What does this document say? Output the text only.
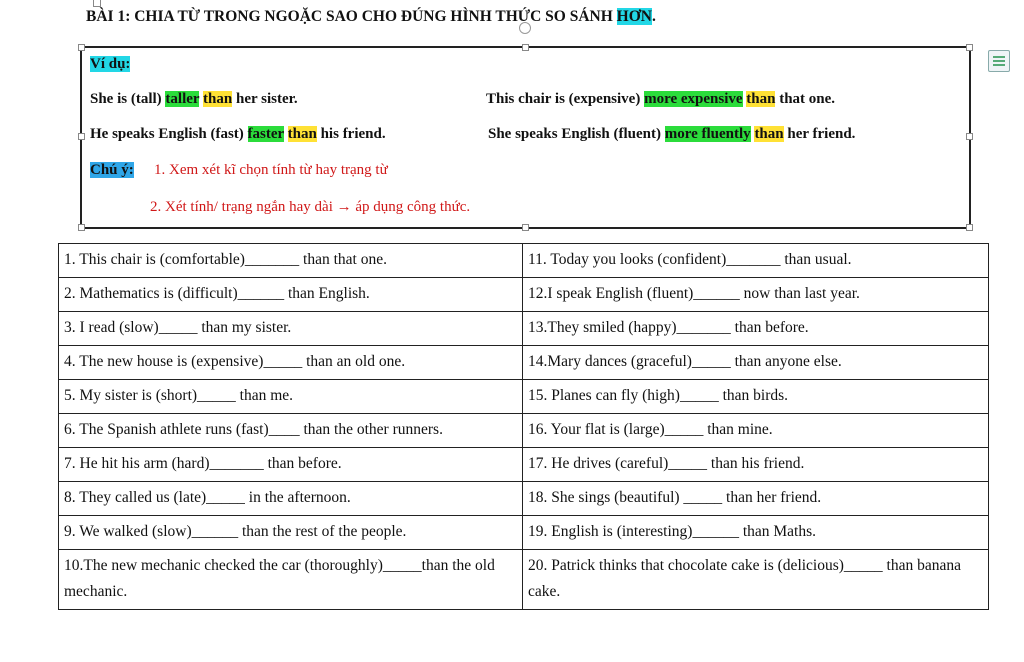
BÀI 1: CHIA TỪ TRONG NGOẶC SAO CHO ĐÚNG HÌNH THỨC SO SÁNH HƠN.
Ví dụ:
She is (tall) taller than her sister.	This chair is (expensive) more expensive than that one.
He speaks English (fast) faster than his friend.	She speaks English (fluent) more fluently than her friend.
Chú ý: 1. Xem xét kĩ chọn tính từ hay trạng từ
2. Xét tính/ trạng ngắn hay dài → áp dụng công thức.
1. This chair is (comfortable)_______ than that one.	11. Today you looks (confident)_______ than usual.
2. Mathematics is (difficult)______ than English.	12.I speak English (fluent)______ now than last year.
3. I read (slow)_____ than my sister.	13.They smiled (happy)_______ than before.
4. The new house is (expensive)_____ than an old one.	14.Mary dances (graceful)_____ than anyone else.
5. My sister is (short)_____ than me.	15. Planes can fly (high)_____ than birds.
6. The Spanish athlete runs (fast)____ than the other runners.	16. Your flat is (large)_____ than mine.
7. He hit his arm (hard)_______ than before.	17. He drives (careful)_____ than his friend.
8. They called us (late)_____ in the afternoon.	18. She sings (beautiful) _____ than her friend.
9. We walked (slow)______ than the rest of the people.	19. English is (interesting)______ than Maths.
10.The new mechanic checked the car (thoroughly)_____than the old mechanic.	20. Patrick thinks that chocolate cake is (delicious)_____ than banana cake.
